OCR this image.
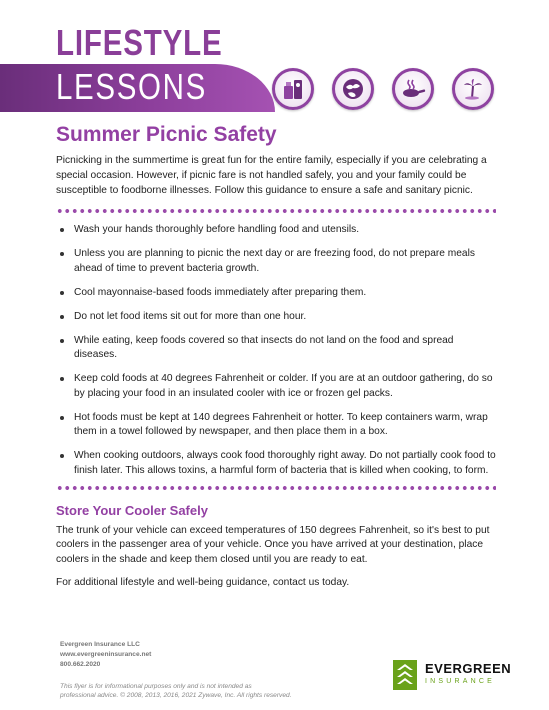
LIFESTYLE
LESSONS
Summer Picnic Safety

Picnicking in the summertime is great fun for the entire family, especially if you are celebrating a special occasion. However, if picnic fare is not handled safely, you and your family could be susceptible to foodborne illnesses. Follow this guidance to ensure a safe and sanitary picnic.

Wash your hands thoroughly before handling food and utensils.
Unless you are planning to picnic the next day or are freezing food, do not prepare meals ahead of time to prevent bacteria growth.
Cool mayonnaise-based foods immediately after preparing them.
Do not let food items sit out for more than one hour.
While eating, keep foods covered so that insects do not land on the food and spread diseases.
Keep cold foods at 40 degrees Fahrenheit or colder. If you are at an outdoor gathering, do so by placing your food in an insulated cooler with ice or frozen gel packs.
Hot foods must be kept at 140 degrees Fahrenheit or hotter. To keep containers warm, wrap them in a towel followed by newspaper, and then place them in a box.
When cooking outdoors, always cook food thoroughly right away. Do not partially cook food to finish later. This allows toxins, a harmful form of bacteria that is killed when cooking, to form.
Store Your Cooler Safely

The trunk of your vehicle can exceed temperatures of 150 degrees Fahrenheit, so it's best to put coolers in the passenger area of your vehicle. Once you have arrived at your destination, place coolers in the shade and keep them closed until you are ready to eat.

For additional lifestyle and well-being guidance, contact us today.

Evergreen Insurance LLC
www.evergreeninsurance.net
800.662.2020
This flyer is for informational purposes only and is not intended as
professional advice. © 2008, 2013, 2016, 2021 Zywave, Inc. All rights reserved.
EVERGREEN
INSURANCE
